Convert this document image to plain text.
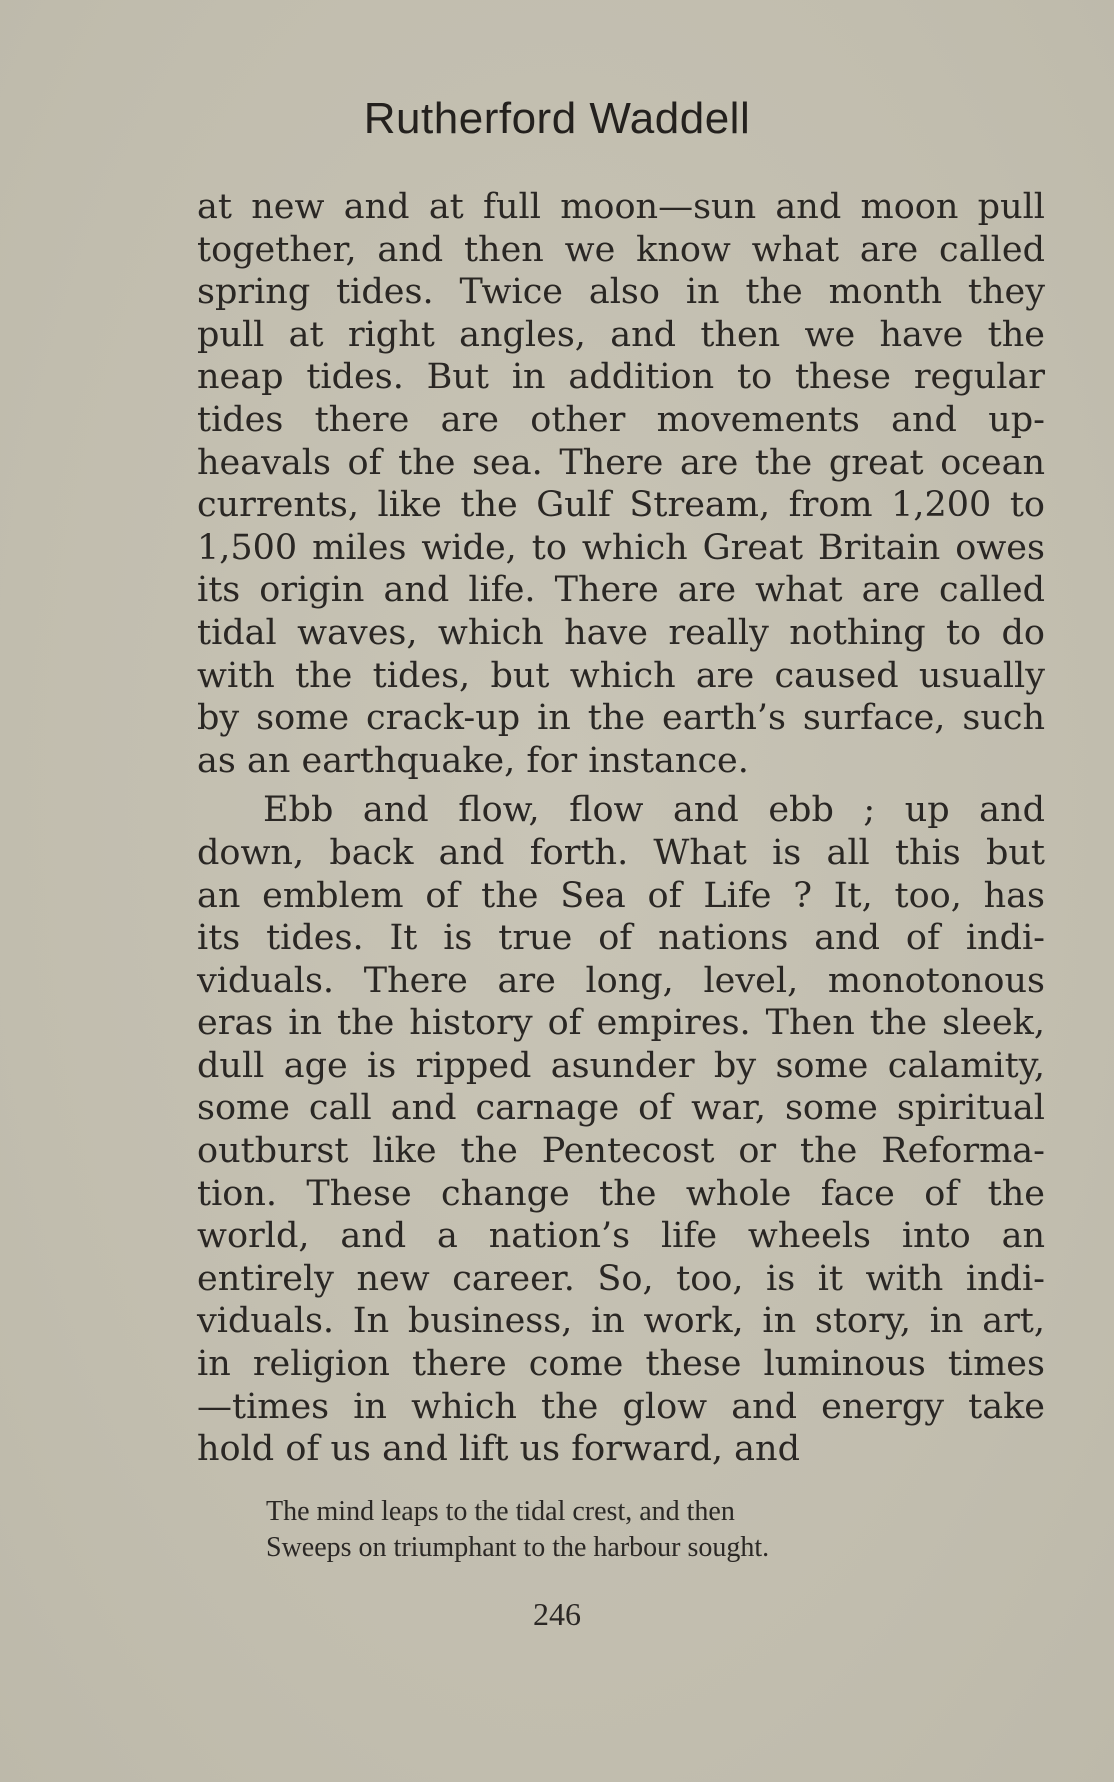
Rutherford Waddell
at new and at full moon—sun and moon pull
together, and then we know what are called
spring tides. Twice also in the month they
pull at right angles, and then we have the
neap tides. But in addition to these regular
tides there are other movements and up-
heavals of the sea. There are the great ocean
currents, like the Gulf Stream, from 1,200 to
1,500 miles wide, to which Great Britain owes
its origin and life. There are what are called
tidal waves, which have really nothing to do
with the tides, but which are caused usually
by some crack-up in the earth’s surface, such
as an earthquake, for instance.
Ebb and flow, flow and ebb ; up and
down, back and forth. What is all this but
an emblem of the Sea of Life ? It, too, has
its tides. It is true of nations and of indi-
viduals. There are long, level, monotonous
eras in the history of empires. Then the sleek,
dull age is ripped asunder by some calamity,
some call and carnage of war, some spiritual
outburst like the Pentecost or the Reforma-
tion. These change the whole face of the
world, and a nation’s life wheels into an
entirely new career. So, too, is it with indi-
viduals. In business, in work, in story, in art,
in religion there come these luminous times
—times in which the glow and energy take
hold of us and lift us forward, and
The mind leaps to the tidal crest, and then
Sweeps on triumphant to the harbour sought.
246
